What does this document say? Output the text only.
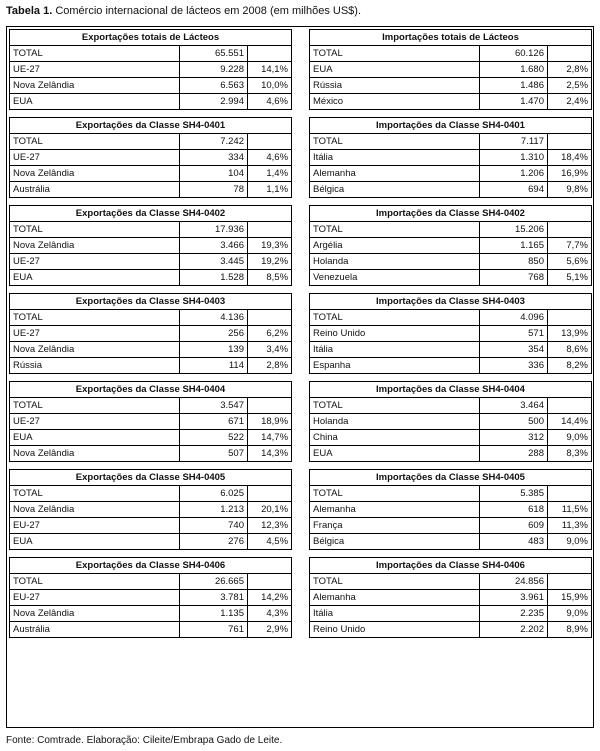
Tabela 1. Comércio internacional de lácteos em 2008 (em milhões US$).
Exportações totais de Lácteos		
TOTAL	65.551	
UE-27	9.228	14,1%
Nova Zelândia	6.563	10,0%
EUA	2.994	4,6%
Exportações da Classe SH4-0401		
TOTAL	7.242	
UE-27	334	4,6%
Nova Zelândia	104	1,4%
Austrália	78	1,1%
Exportações da Classe SH4-0402		
TOTAL	17.936	
Nova Zelândia	3.466	19,3%
UE-27	3.445	19,2%
EUA	1.528	8,5%
Exportações da Classe SH4-0403		
TOTAL	4.136	
UE-27	256	6,2%
Nova Zelândia	139	3,4%
Rússia	114	2,8%
Exportações da Classe SH4-0404		
TOTAL	3.547	
UE-27	671	18,9%
EUA	522	14,7%
Nova Zelândia	507	14,3%
Exportações da Classe SH4-0405		
TOTAL	6.025	
Nova Zelândia	1.213	20,1%
EU-27	740	12,3%
EUA	276	4,5%
Exportações da Classe SH4-0406		
TOTAL	26.665	
EU-27	3.781	14,2%
Nova Zelândia	1.135	4,3%
Austrália	761	2,9%
Importações totais de Lácteos		
TOTAL	60.126	
EUA	1.680	2,8%
Rússia	1.486	2,5%
México	1.470	2,4%
Importações da Classe SH4-0401		
TOTAL	7.117	
Itália	1.310	18,4%
Alemanha	1.206	16,9%
Bélgica	694	9,8%
Importações da Classe SH4-0402		
TOTAL	15.206	
Argélia	1.165	7,7%
Holanda	850	5,6%
Venezuela	768	5,1%
Importações da Classe SH4-0403		
TOTAL	4.096	
Reino Unido	571	13,9%
Itália	354	8,6%
Espanha	336	8,2%
Importações da Classe SH4-0404		
TOTAL	3.464	
Holanda	500	14,4%
China	312	9,0%
EUA	288	8,3%
Importações da Classe SH4-0405		
TOTAL	5.385	
Alemanha	618	11,5%
França	609	11,3%
Bélgica	483	9,0%
Importações da Classe SH4-0406		
TOTAL	24.856	
Alemanha	3.961	15,9%
Itália	2.235	9,0%
Reino Unido	2.202	8,9%
Fonte: Comtrade. Elaboração: Cileite/Embrapa Gado de Leite.
